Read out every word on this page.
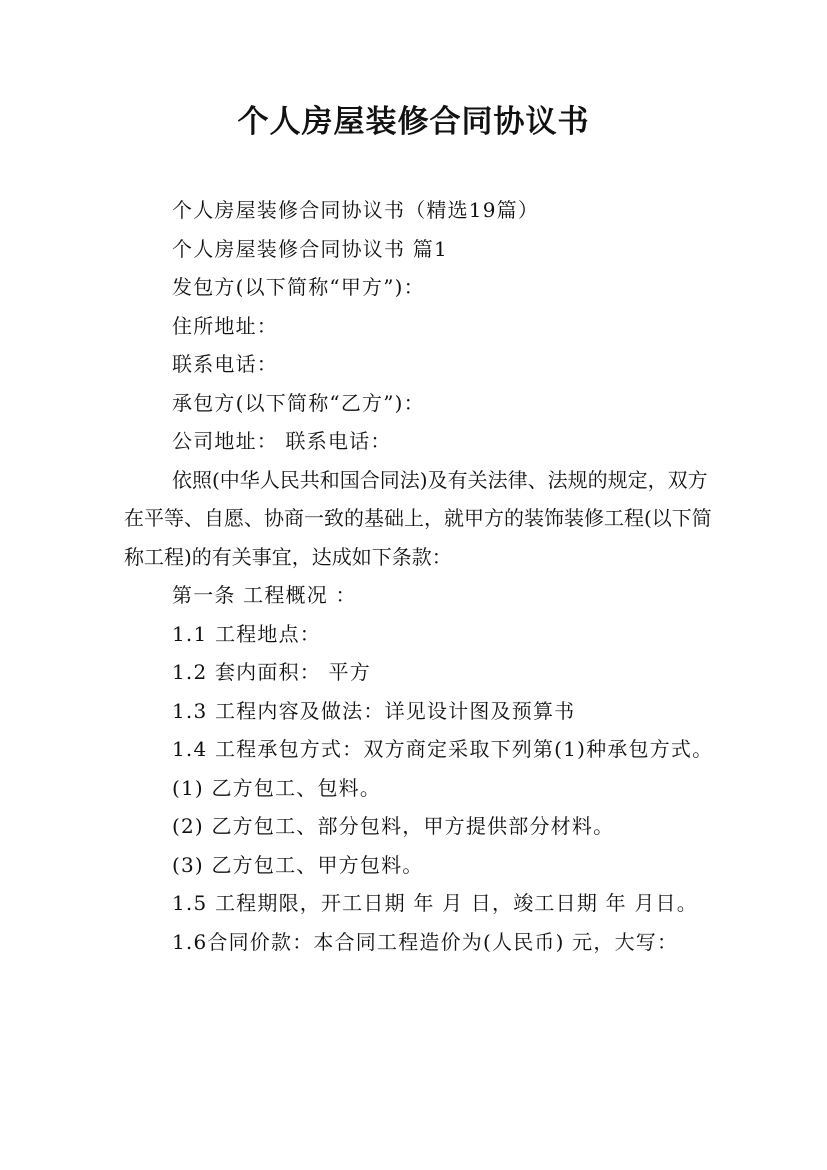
个人房屋装修合同协议书

个人房屋装修合同协议书（精选19篇）

个人房屋装修合同协议书 篇1

发包方(以下简称“甲方”)：

住所地址：

联系电话：

承包方(以下简称“乙方”)：

公司地址： 联系电话：

依照(中华人民共和国合同法)及有关法律、法规的规定，双方在平等、自愿、协商一致的基础上，就甲方的装饰装修工程(以下简称工程)的有关事宜，达成如下条款：

第一条 工程概况 ：

1.1 工程地点：

1.2 套内面积： 平方

1.3 工程内容及做法：详见设计图及预算书

1.4 工程承包方式：双方商定采取下列第(1)种承包方式。

(1) 乙方包工、包料。

(2) 乙方包工、部分包料，甲方提供部分材料。

(3) 乙方包工、甲方包料。

1.5 工程期限，开工日期 年 月 日，竣工日期 年 月日。

1.6合同价款：本合同工程造价为(人民币) 元，大写：
